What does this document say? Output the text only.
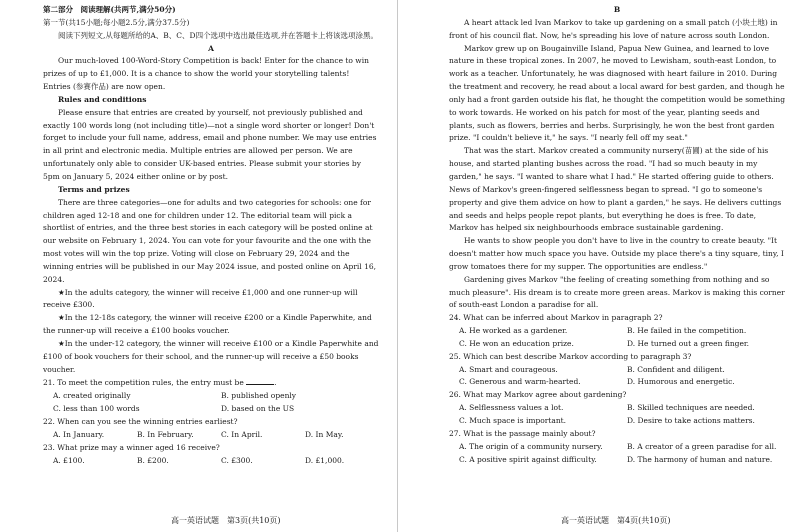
第二部分　阅读理解(共两节,满分50分)

第一节(共15小题;每小题2.5分,满分37.5分)

阅读下列短文,从每题所给的A、B、C、D四个选项中选出最佳选项,并在答题卡上将该选项涂黑。

A

Our much-loved 100-Word-Story Competition is back! Enter for the chance to win prizes of up to £1,000. It is a chance to show the world your storytelling talents! Entries (参赛作品) are now open.

Rules and conditions

Please ensure that entries are created by yourself, not previously published and exactly 100 words long (not including title)—not a single word shorter or longer! Don't forget to include your full name, address, email and phone number. We may use entries in all print and electronic media. Multiple entries are allowed per person. We are unfortunately only able to consider UK-based entries. Please submit your stories by 5pm on January 5, 2024 either online or by post.

Terms and prizes

There are three categories—one for adults and two categories for schools: one for children aged 12-18 and one for children under 12. The editorial team will pick a shortlist of entries, and the three best stories in each category will be posted online at our website on February 1, 2024. You can vote for your favourite and the one with the most votes will win the top prize. Voting will close on February 29, 2024 and the winning entries will be published in our May 2024 issue, and posted online on April 16, 2024.

★In the adults category, the winner will receive £1,000 and one runner-up will receive £300.

★In the 12-18s category, the winner will receive £200 or a Kindle Paperwhite, and the runner-up will receive a £100 books voucher.

★In the under-12 category, the winner will receive £100 or a Kindle Paperwhite and £100 of book vouchers for their school, and the runner-up will receive a £50 books voucher.

21. To meet the competition rules, the entry must be	.

A. created originally	B. published openly
C. less than 100 words	D. based on the US

22. When can you see the winning entries earliest?

A. In January.	B. In February.	C. In April.	D. In May.

23. What prize may a winner aged 16 receive?

A. £100.	B. £200.	C. £300.	D. £1,000.

B

A heart attack led Ivan Markov to take up gardening on a small patch (小块土地) in front of his council flat. Now, he's spreading his love of nature across south London.

Markov grew up on Bougainville Island, Papua New Guinea, and learned to love nature in these tropical zones. In 2007, he moved to Lewisham, south-east London, to work as a teacher. Unfortunately, he was diagnosed with heart failure in 2010. During the treatment and recovery, he read about a local award for best garden, and though he only had a front garden outside his flat, he thought the competition would be something to work towards. He worked on his patch for most of the year, planting seeds and plants, such as flowers, berries and herbs. Surprisingly, he won the best front garden prize. "I couldn't believe it," he says. "I nearly fell off my seat."

That was the start. Markov created a community nursery(苗圃) at the side of his house, and started planting bushes across the road. "I had so much beauty in my garden," he says. "I wanted to share what I had." He started offering guide to others. News of Markov's green-fingered selflessness began to spread. "I go to someone's property and give them advice on how to plant a garden," he says. He delivers cuttings and seeds and helps people repot plants, but everything he does is free. To date, Markov has helped six neighbourhoods embrace sustainable gardening.

He wants to show people you don't have to live in the country to create beauty. "It doesn't matter how much space you have. Outside my place there's a tiny square, tiny, I grow tomatoes there for my supper. The opportunities are endless."

Gardening gives Markov "the feeling of creating something from nothing and so much pleasure". His dream is to create more green areas. Markov is making this corner of south-east London a paradise for all.

24. What can be inferred about Markov in paragraph 2?

A. He worked as a gardener.	B. He failed in the competition.
C. He won an education prize.	D. He turned out a green finger.

25. Which can best describe Markov according to paragraph 3?

A. Smart and courageous.	B. Confident and diligent.
C. Generous and warm-hearted.	D. Humorous and energetic.

26. What may Markov agree about gardening?

A. Selflessness values a lot.	B. Skilled techniques are needed.
C. Much space is important.	D. Desire to take actions matters.

27. What is the passage mainly about?

A. The origin of a community nursery.	B. A creator of a green paradise for all.
C. A positive spirit against difficulty.	D. The harmony of human and nature.
高一英语试题　第3页(共10页)	高一英语试题　第4页(共10页)
